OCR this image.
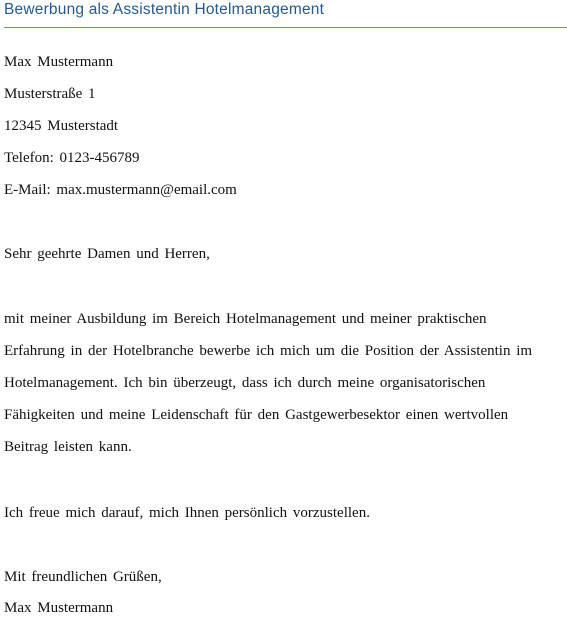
Bewerbung als Assistentin Hotelmanagement
Max Mustermann
Musterstraße 1
12345 Musterstadt
Telefon: 0123-456789
E-Mail: max.mustermann@email.com
Sehr geehrte Damen und Herren,
mit meiner Ausbildung im Bereich Hotelmanagement und meiner praktischen
Erfahrung in der Hotelbranche bewerbe ich mich um die Position der Assistentin im
Hotelmanagement. Ich bin überzeugt, dass ich durch meine organisatorischen
Fähigkeiten und meine Leidenschaft für den Gastgewerbesektor einen wertvollen
Beitrag leisten kann.
Ich freue mich darauf, mich Ihnen persönlich vorzustellen.
Mit freundlichen Grüßen,
Max Mustermann
